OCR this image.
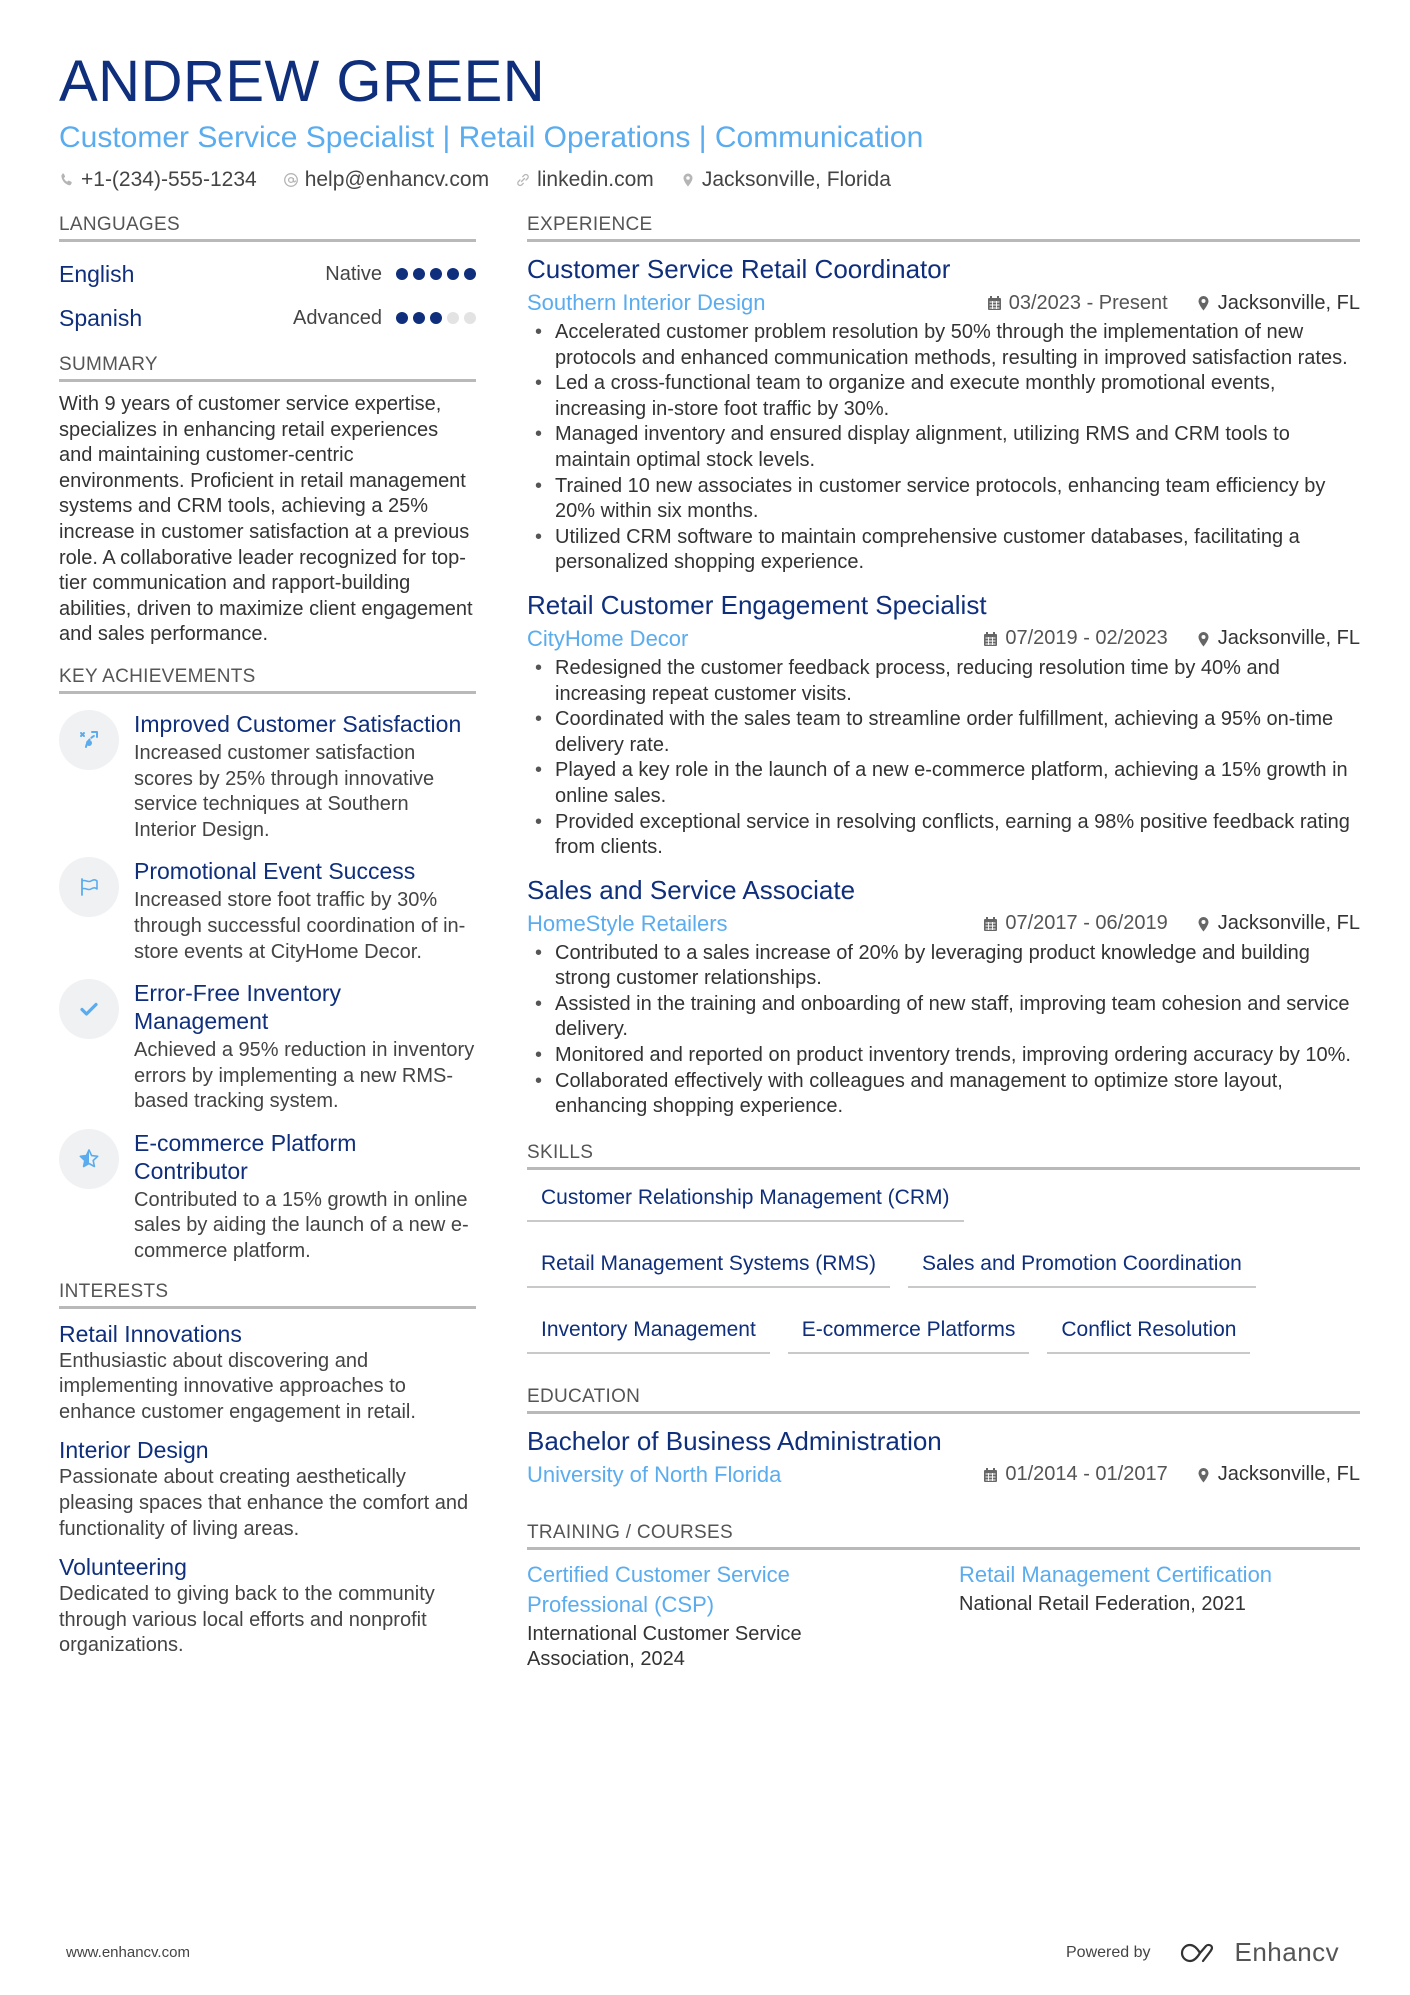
ANDREW GREEN
Customer Service Specialist | Retail Operations | Communication
+1-(234)-555-1234 help@enhancv.com linkedin.com Jacksonville, Florida
LANGUAGES
English	Native
Spanish	Advanced
SUMMARY

With 9 years of customer service expertise, specializes in enhancing retail experiences and maintaining customer-centric environments. Proficient in retail management systems and CRM tools, achieving a 25% increase in customer satisfaction at a previous role. A collaborative leader recognized for top-tier communication and rapport-building abilities, driven to maximize client engagement and sales performance.

KEY ACHIEVEMENTS
Improved Customer Satisfaction
Increased customer satisfaction scores by 25% through innovative service techniques at Southern Interior Design.
Promotional Event Success
Increased store foot traffic by 30% through successful coordination of in-store events at CityHome Decor.
Error-Free Inventory Management
Achieved a 95% reduction in inventory errors by implementing a new RMS-based tracking system.
E-commerce Platform Contributor
Contributed to a 15% growth in online sales by aiding the launch of a new e-commerce platform.
INTERESTS
Retail Innovations
Enthusiastic about discovering and implementing innovative approaches to enhance customer engagement in retail.
Interior Design
Passionate about creating aesthetically pleasing spaces that enhance the comfort and functionality of living areas.
Volunteering
Dedicated to giving back to the community through various local efforts and nonprofit organizations.
EXPERIENCE
Customer Service Retail Coordinator
Southern Interior Design	03/2023 - Present	Jacksonville, FL
• Accelerated customer problem resolution by 50% through the implementation of new protocols and enhanced communication methods, resulting in improved satisfaction rates.
• Led a cross-functional team to organize and execute monthly promotional events, increasing in-store foot traffic by 30%.
• Managed inventory and ensured display alignment, utilizing RMS and CRM tools to maintain optimal stock levels.
• Trained 10 new associates in customer service protocols, enhancing team efficiency by 20% within six months.
• Utilized CRM software to maintain comprehensive customer databases, facilitating a personalized shopping experience.
Retail Customer Engagement Specialist
CityHome Decor	07/2019 - 02/2023	Jacksonville, FL
• Redesigned the customer feedback process, reducing resolution time by 40% and increasing repeat customer visits.
• Coordinated with the sales team to streamline order fulfillment, achieving a 95% on-time delivery rate.
• Played a key role in the launch of a new e-commerce platform, achieving a 15% growth in online sales.
• Provided exceptional service in resolving conflicts, earning a 98% positive feedback rating from clients.
Sales and Service Associate
HomeStyle Retailers	07/2017 - 06/2019	Jacksonville, FL
• Contributed to a sales increase of 20% by leveraging product knowledge and building strong customer relationships.
• Assisted in the training and onboarding of new staff, improving team cohesion and service delivery.
• Monitored and reported on product inventory trends, improving ordering accuracy by 10%.
• Collaborated effectively with colleagues and management to optimize store layout, enhancing shopping experience.
SKILLS
Customer Relationship Management (CRM)
Retail Management Systems (RMS)	Sales and Promotion Coordination
Inventory Management	E-commerce Platforms	Conflict Resolution
EDUCATION
Bachelor of Business Administration
University of North Florida	01/2014 - 01/2017	Jacksonville, FL
TRAINING / COURSES
Certified Customer Service Professional (CSP)
International Customer Service Association, 2024
Retail Management Certification
National Retail Federation, 2021
www.enhancv.com	Powered by	Enhancv
